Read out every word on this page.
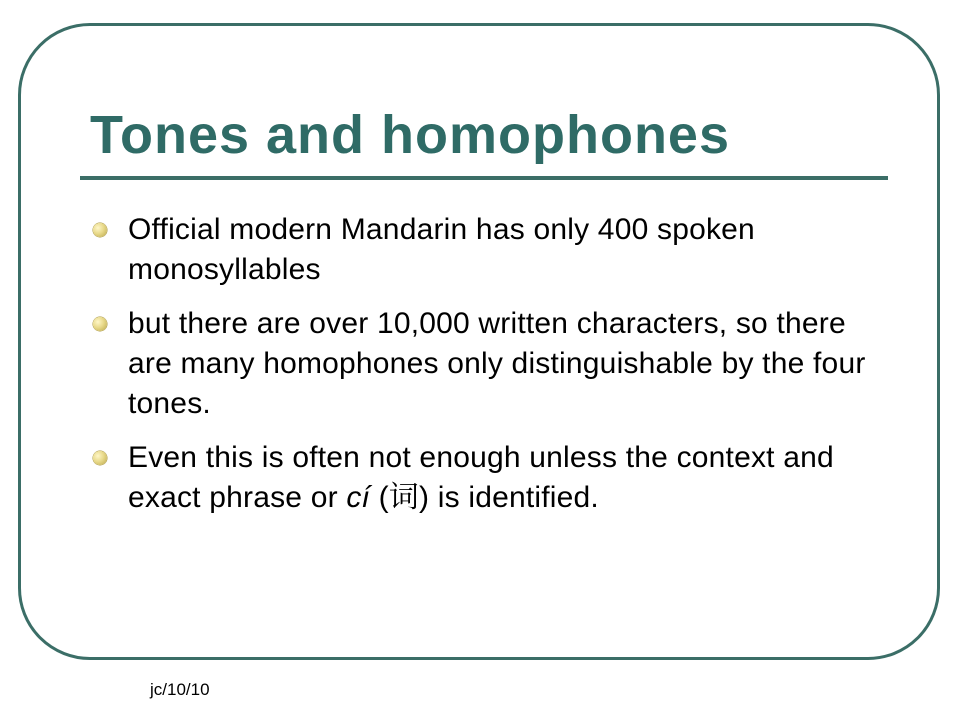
Tones and homophones
Official modern Mandarin has only 400 spoken monosyllables
but there are over 10,000 written characters, so there are many homophones only distinguishable by the four tones.
Even this is often not enough unless the context and exact phrase or cí (词) is identified.
jc/10/10
